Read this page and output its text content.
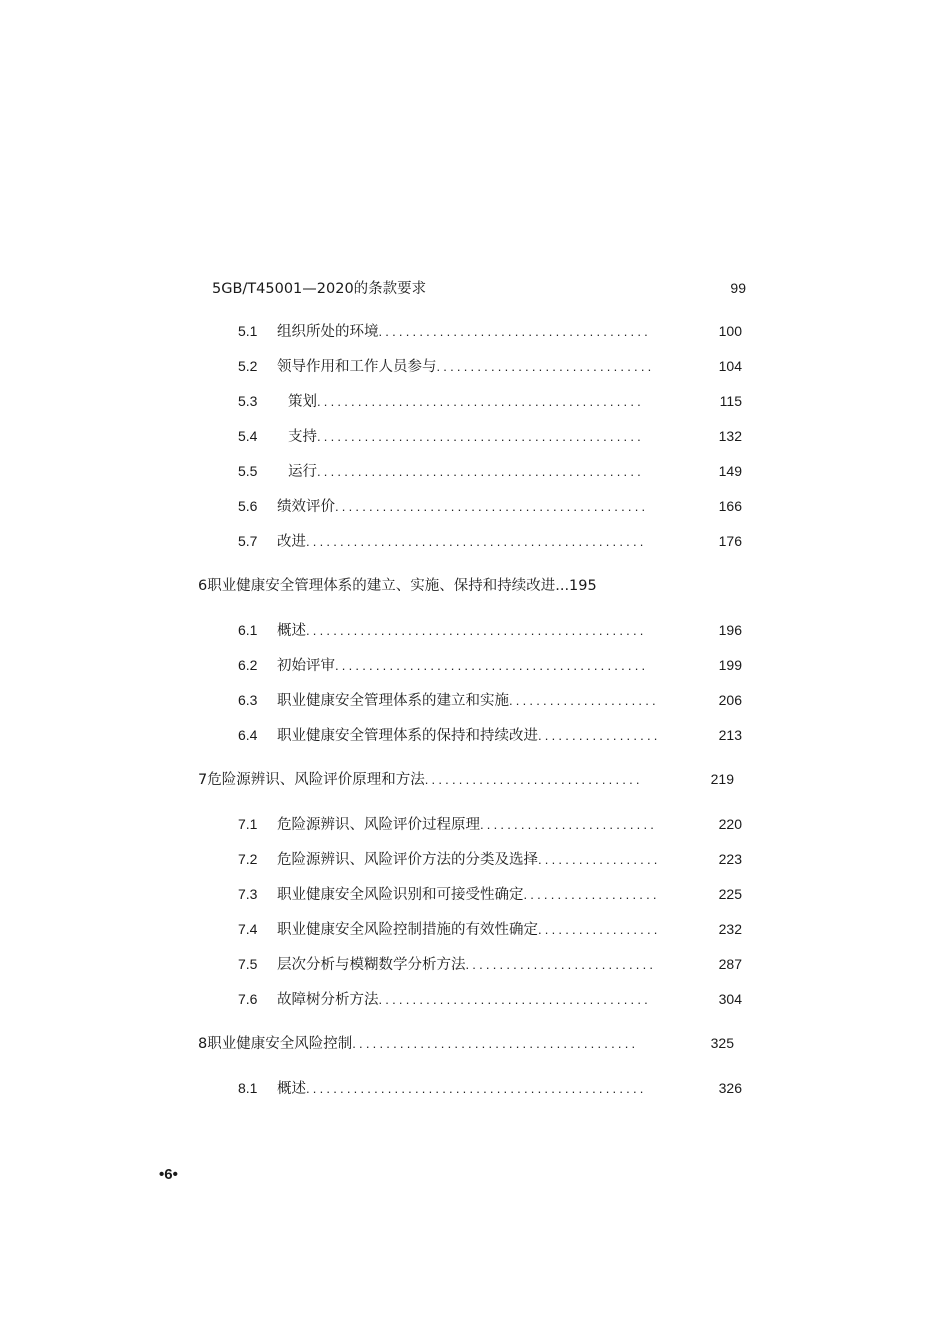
5GB/T45001—2020的条款要求	99
5.1	组织所处的环境 ........................................	100
5.2	领导作用和工作人员参与 ................................	104
5.3	策划 ................................................	115
5.4	支持 ................................................	132
5.5	运行 ................................................	149
5.6	绩效评价 ..............................................	166
5.7	改进 ..................................................	176
6职业健康安全管理体系的建立、实施、保持和持续改进...195
6.1	概述 ..................................................	196
6.2	初始评审 ..............................................	199
6.3	职业健康安全管理体系的建立和实施 ......................	206
6.4	职业健康安全管理体系的保持和持续改进 ..................	213
7危险源辨识、风险评价原理和方法 ................................	219
7.1	危险源辨识、风险评价过程原理 ..........................	220
7.2	危险源辨识、风险评价方法的分类及选择 ..................	223
7.3	职业健康安全风险识别和可接受性确定 ....................	225
7.4	职业健康安全风险控制措施的有效性确定 ..................	232
7.5	层次分析与模糊数学分析方法 ............................	287
7.6	故障树分析方法 ........................................	304
8职业健康安全风险控制 ..........................................	325
8.1	概述 ..................................................	326
•6•
